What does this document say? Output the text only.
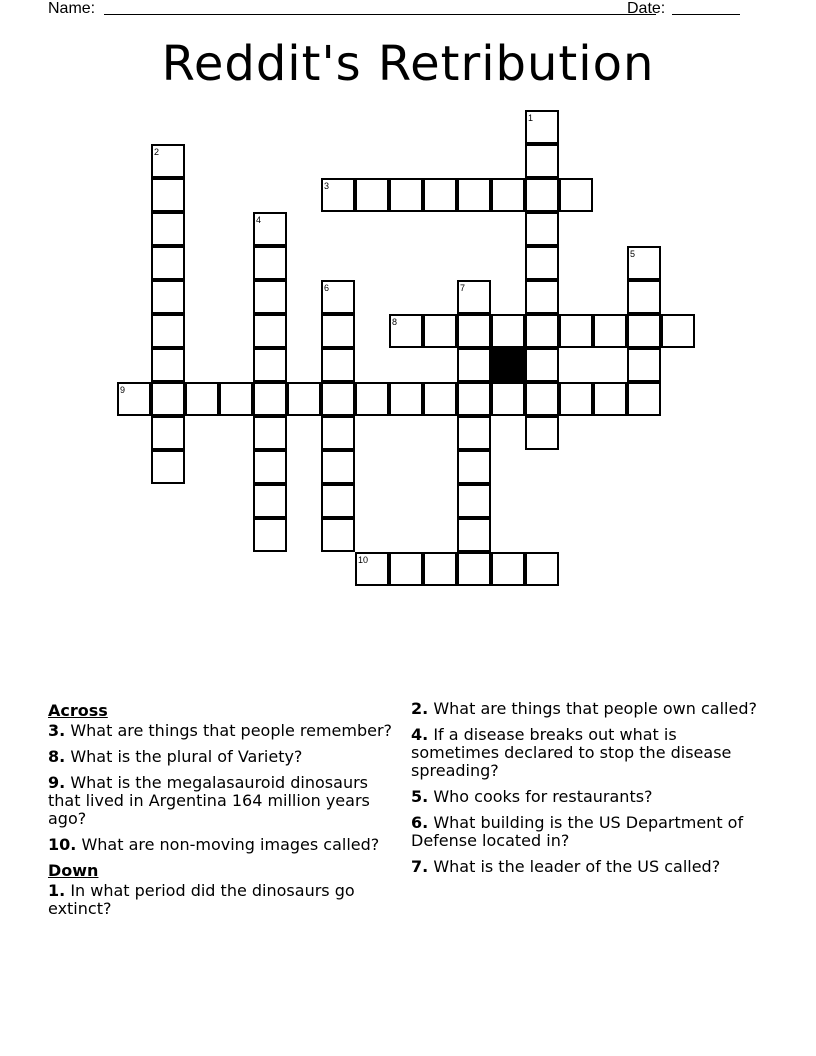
Name:	Date:
Reddit's Retribution
1
2
3
4
5
6	7
8
9
10
Across
3. What are things that people remember?
8. What is the plural of Variety?
9. What is the megalasauroid dinosaurs that lived in Argentina 164 million years ago?
10. What are non-moving images called?
Down
1. In what period did the dinosaurs go extinct?
2. What are things that people own called?
4. If a disease breaks out what is sometimes declared to stop the disease spreading?
5. Who cooks for restaurants?
6. What building is the US Department of Defense located in?
7. What is the leader of the US called?
